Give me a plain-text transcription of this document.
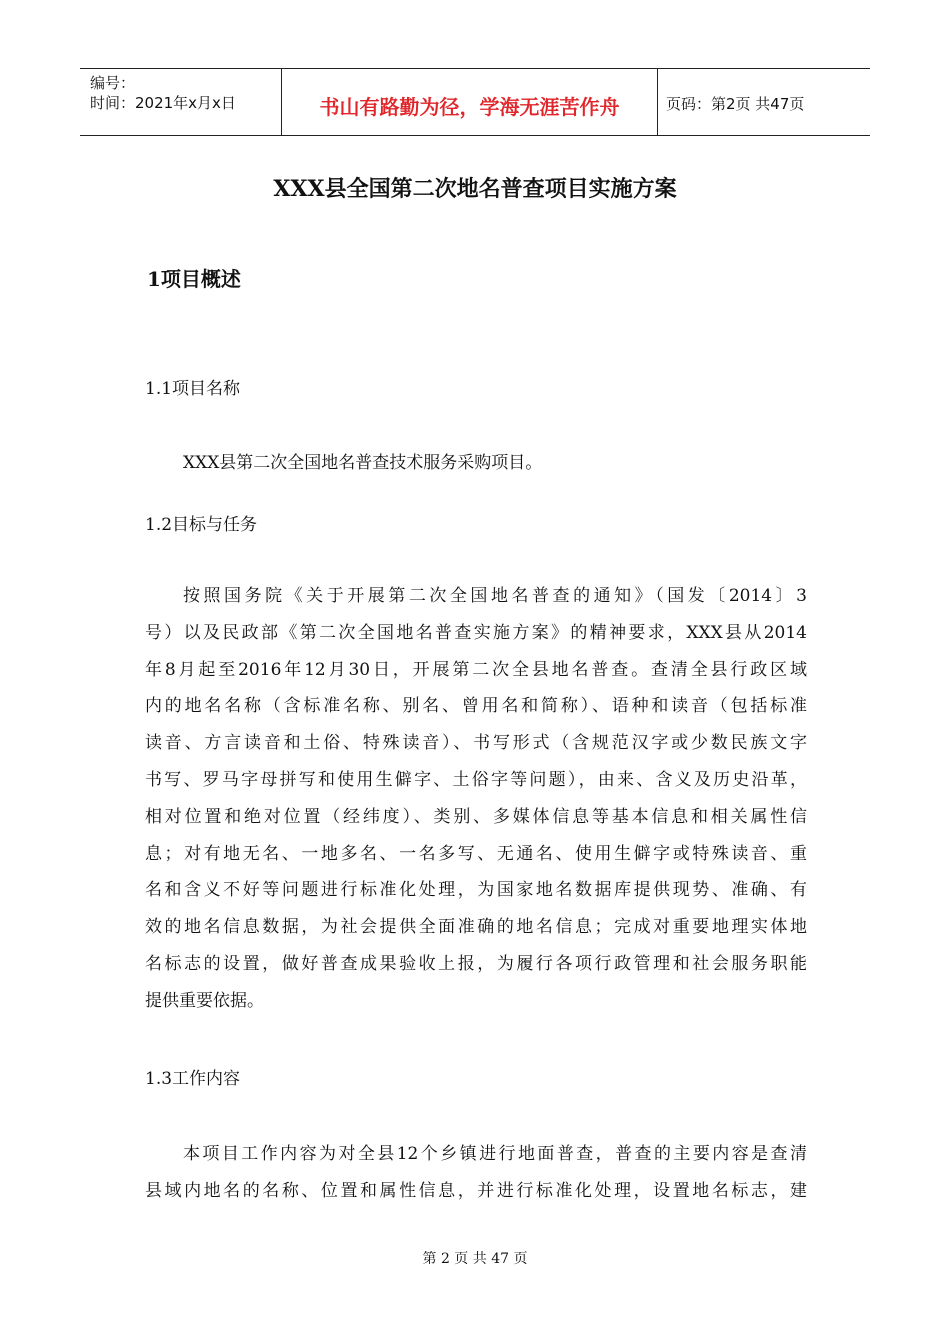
编号：
时间：2021年x月x日	书山有路勤为径，学海无涯苦作舟	页码：第2页 共47页
XXX县全国第二次地名普查项目实施方案
1项目概述
1.1项目名称
XXX县第二次全国地名普查技术服务采购项目。
1.2目标与任务
按照国务院《关于开展第二次全国地名普查的通知》（国发〔2014〕3
号）以及民政部《第二次全国地名普查实施方案》的精神要求，XXX县从2014
年8月起至2016年12月30日，开展第二次全县地名普查。查清全县行政区域
内的地名名称（含标准名称、别名、曾用名和简称）、语种和读音（包括标准
读音、方言读音和土俗、特殊读音）、书写形式（含规范汉字或少数民族文字
书写、罗马字母拼写和使用生僻字、土俗字等问题），由来、含义及历史沿革，
相对位置和绝对位置（经纬度）、类别、多媒体信息等基本信息和相关属性信
息；对有地无名、一地多名、一名多写、无通名、使用生僻字或特殊读音、重
名和含义不好等问题进行标准化处理，为国家地名数据库提供现势、准确、有
效的地名信息数据，为社会提供全面准确的地名信息；完成对重要地理实体地
名标志的设置，做好普查成果验收上报，为履行各项行政管理和社会服务职能
提供重要依据。
1.3工作内容
本项目工作内容为对全县12个乡镇进行地面普查，普查的主要内容是查清
县域内地名的名称、位置和属性信息，并进行标准化处理，设置地名标志，建
第 2 页 共 47 页
